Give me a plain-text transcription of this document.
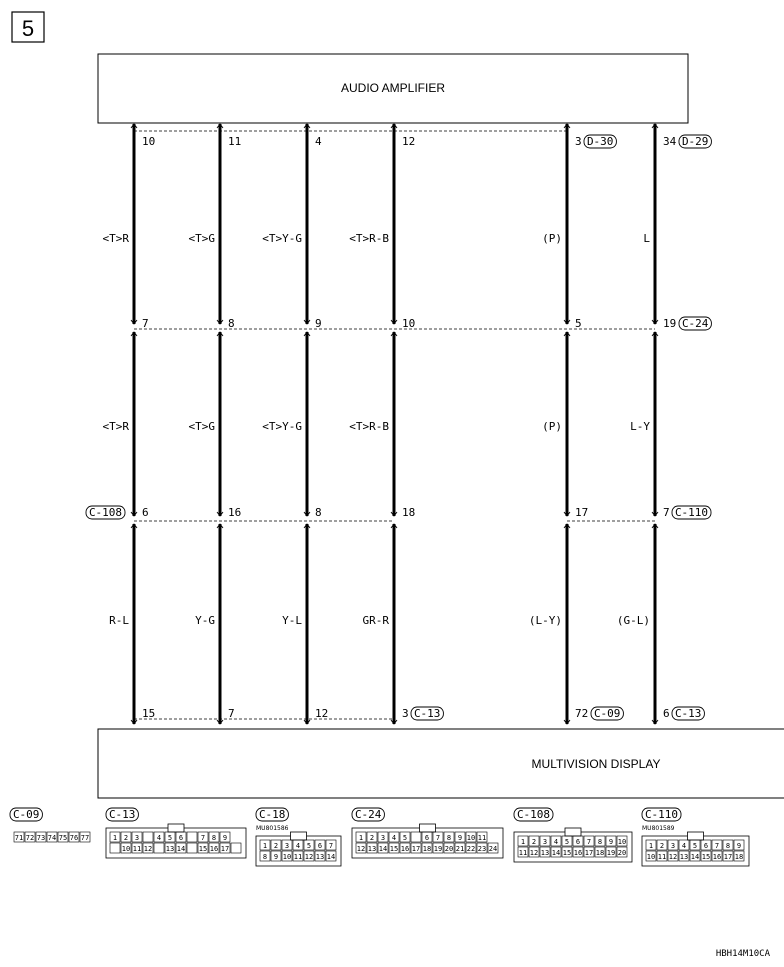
5
AUDIO AMPLIFIER
MULTIVISION DISPLAY
10
7
6
C-108
15
<T>R
<T>R
R-L
11
8
16
7
<T>G
<T>G
Y-G
4
9
8
12
<T>Y-G
<T>Y-G
Y-L
12
10
18
3 C-13
<T>R-B
<T>R-B
GR-R
3 D-30
5
17
72 C-09
(P)
(P)
(L-Y)
34 D-29
19 C-24
7 C-110
6 C-13
L
L-Y
(G-L)
C-09
71 72 73 74 75 76 77
C-13
1 2 3	4 5 6	7 8 9
10 11 12 13 14 15 16 17
C-18
MU801586
1 2 3 4 5 6 7
8 9 10 11 12 13 14
C-24
1 2 3 4 5	6 7 8 9 10 11
12 13 14 15 16 17 18 19 20 21 22 23 24
C-108
1 2 3 4 5 6 7 8 9 10
11 12 13 14 15 16 17 18 19 20
C-110
MU801589
1 2 3 4 5 6 7 8 9
10 11 12 13 14 15 16 17 18
HBH14M10CA
